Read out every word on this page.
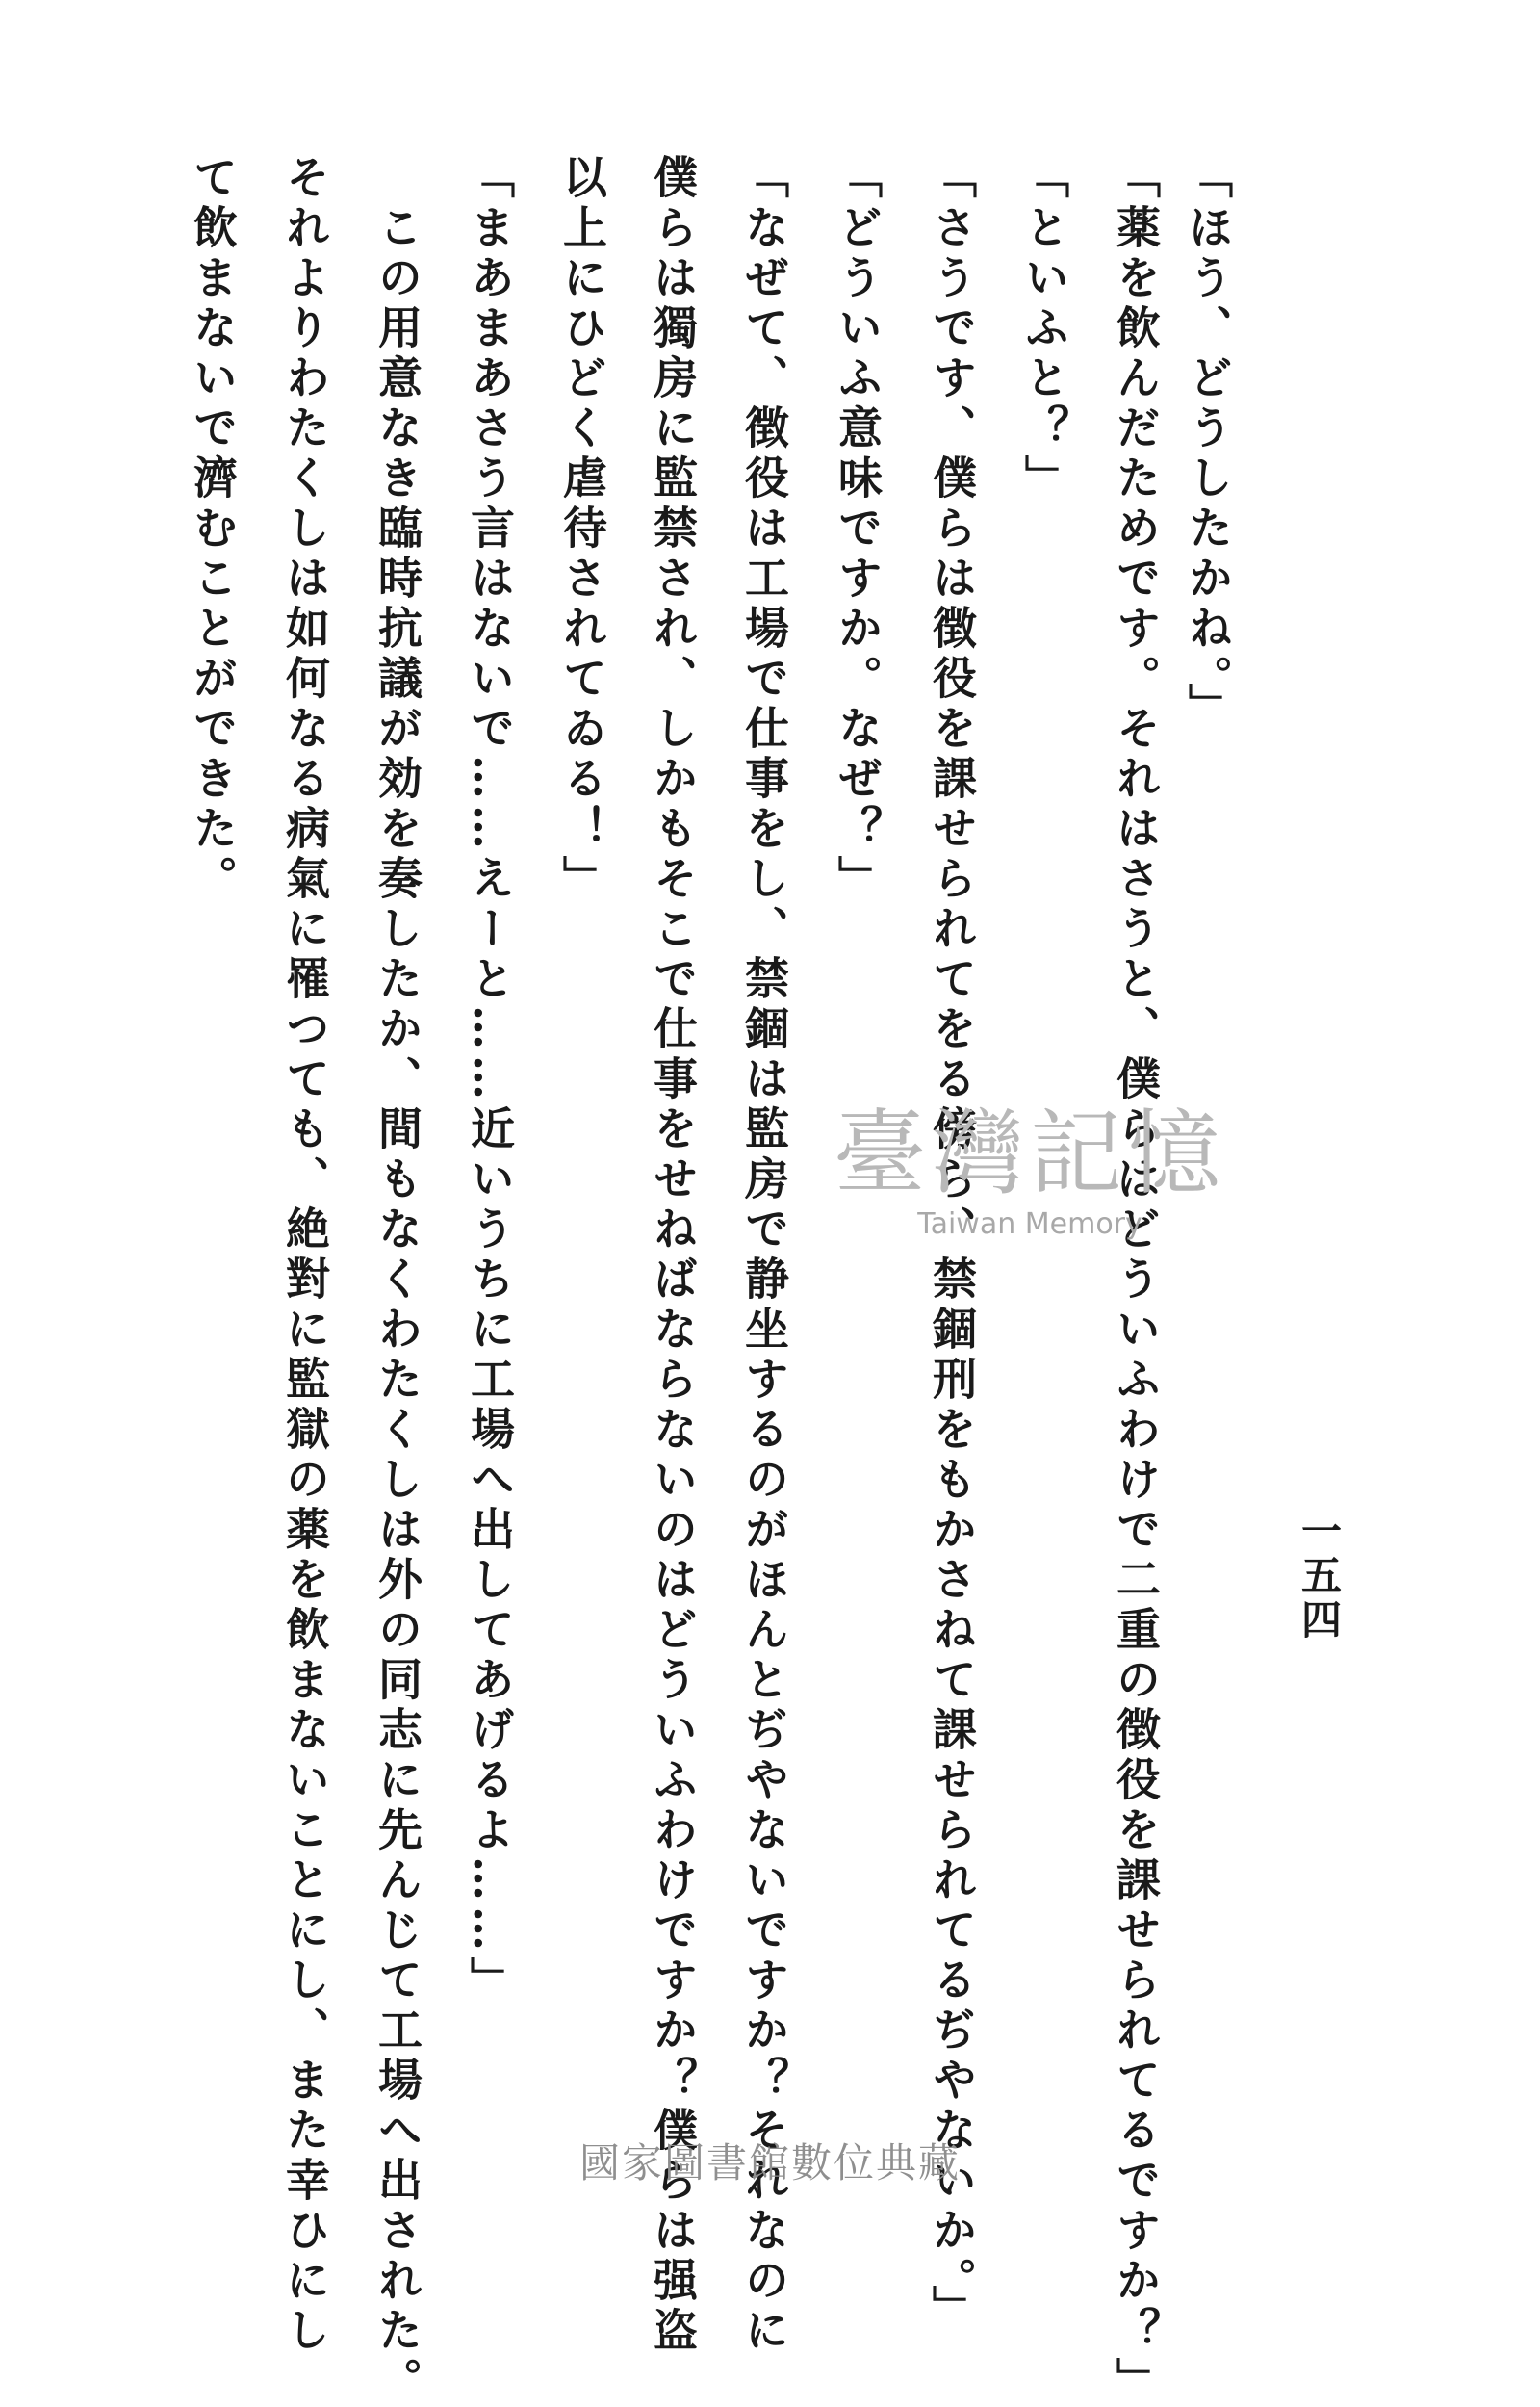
一五四
「ほう、どうしたかね。」
「薬を飲んだためです。それはさうと、僕らはどういふわけで二重の徴役を課せられてるですか？」
「といふと？」
「さうです、僕らは徴役を課せられてをる傍ら、禁錮刑をもかさねて課せられてるぢやないか。」
「どういふ意味ですか。なぜ？」
「なぜて、徴役は工場で仕事をし、禁錮は監房で静坐するのがほんとぢやないですか？それなのに
僕らは獨房に監禁され、しかもそこで仕事をせねばならないのはどういふわけですか？僕らは强盗
以上にひどく虐待されてゐる！」
「まあまあさう言はないで……えーと……近いうちに工場へ出してあげるよ……」
　この用意なき臨時抗議が効を奏したか、間もなくわたくしは外の同志に先んじて工場へ出された。
それよりわたくしは如何なる病氣に罹つても、絶對に監獄の薬を飲まないことにし、また幸ひにし
て飲まないで濟むことができた。
臺灣記憶
Taiwan Memory
國家圖書館數位典藏
